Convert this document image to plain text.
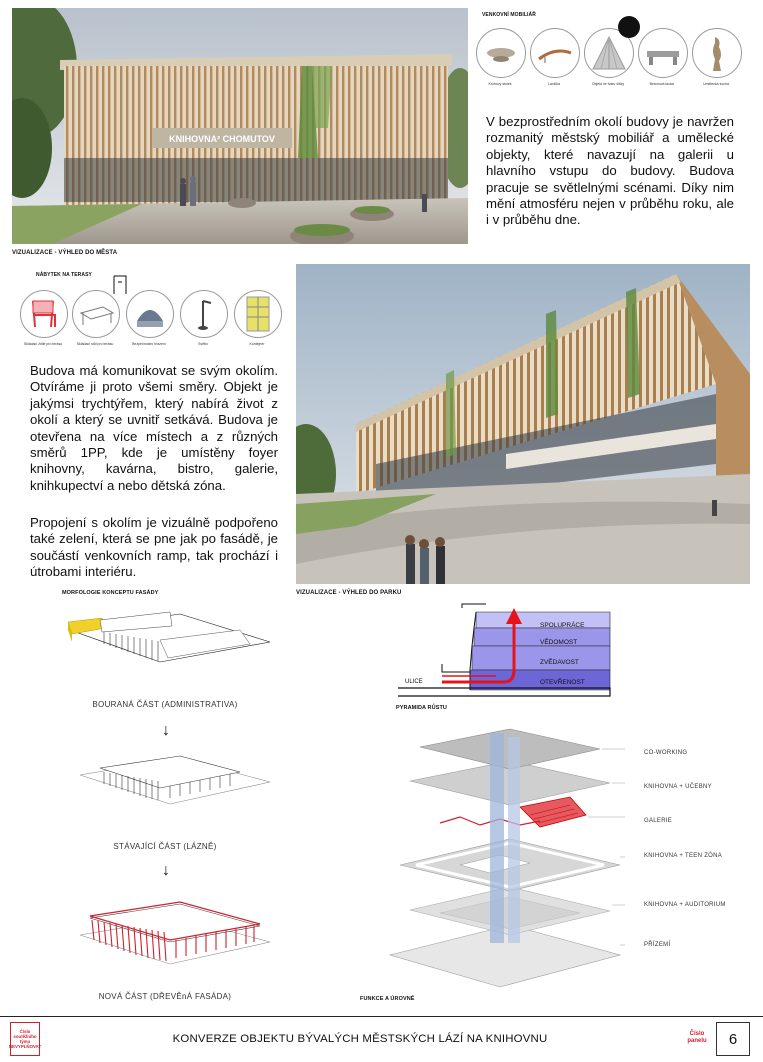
KNIHOVNA² CHOMUTOV
VIZUALIZACE - VÝHLED DO MĚSTA
VENKOVNÍ MOBILIÁŘ
Kruhový stolek	Lavička	Objekt ve tvaru šišky	Betonová lavice	Umělecká socha
V bezprostředním okolí budovy je navržen rozmanitý městský mobiliář a umělecké objekty, které navazují na galerii u hlavního vstupu do budovy. Budova pracuje se světlelnými scénami. Díky nim mění atmosféru nejen v průběhu roku, ale i v průběhu dne.
NÁBYTEK NA TERASY
Skládací židle pro terasu	Skládací stůl pro terasu	Bezpečnostní hrazení	Světlo	Kontejner
Budova má komunikovat se svým okolím. Otvíráme ji proto všemi směry. Objekt je jakýmsi trychtýřem, který nabírá život z okolí a který se uvnitř setkává. Budova je otevřena na více místech a z různých směrů 1PP, kde je umístěny foyer knihovny, kavárna, bistro, galerie, knihkupectví a nebo dětská zóna.
Propojení s okolím je vizuálně podpořeno také zelení, která se pne jak po fasádě, je součástí venkovních ramp, tak prochází i útrobami interiéru.
VIZUALIZACE - VÝHLED DO PARKU
MORFOLOGIE KONCEPTU FASÁDY
BOURANÁ ČÁST (ADMINISTRATIVA)
↓
STÁVAJÍCÍ ČÁST (LÁZNĚ)
↓
NOVÁ ČÁST (DŘEVĚnÁ FASÁDA)
ULICE
SPOLUPRÁCE
VĚDOMOST
ZVĚDAVOST
OTEVŘENOST
PYRAMIDA RŮSTU
CO-WORKING
KNIHOVNA + UČEBNY
GALERIE
KNIHOVNA + TEEN ZÓNA
KNIHOVNA + AUDITORIUM
PŘÍZEMÍ
FUNKCE A ÚROVNĚ
Číslo soutěžního týmu NEVYPLŇOVAT
KONVERZE OBJEKTU BÝVALÝCH MĚSTSKÝCH LÁZÍ NA KNIHOVNU	Číslo panelu	6
